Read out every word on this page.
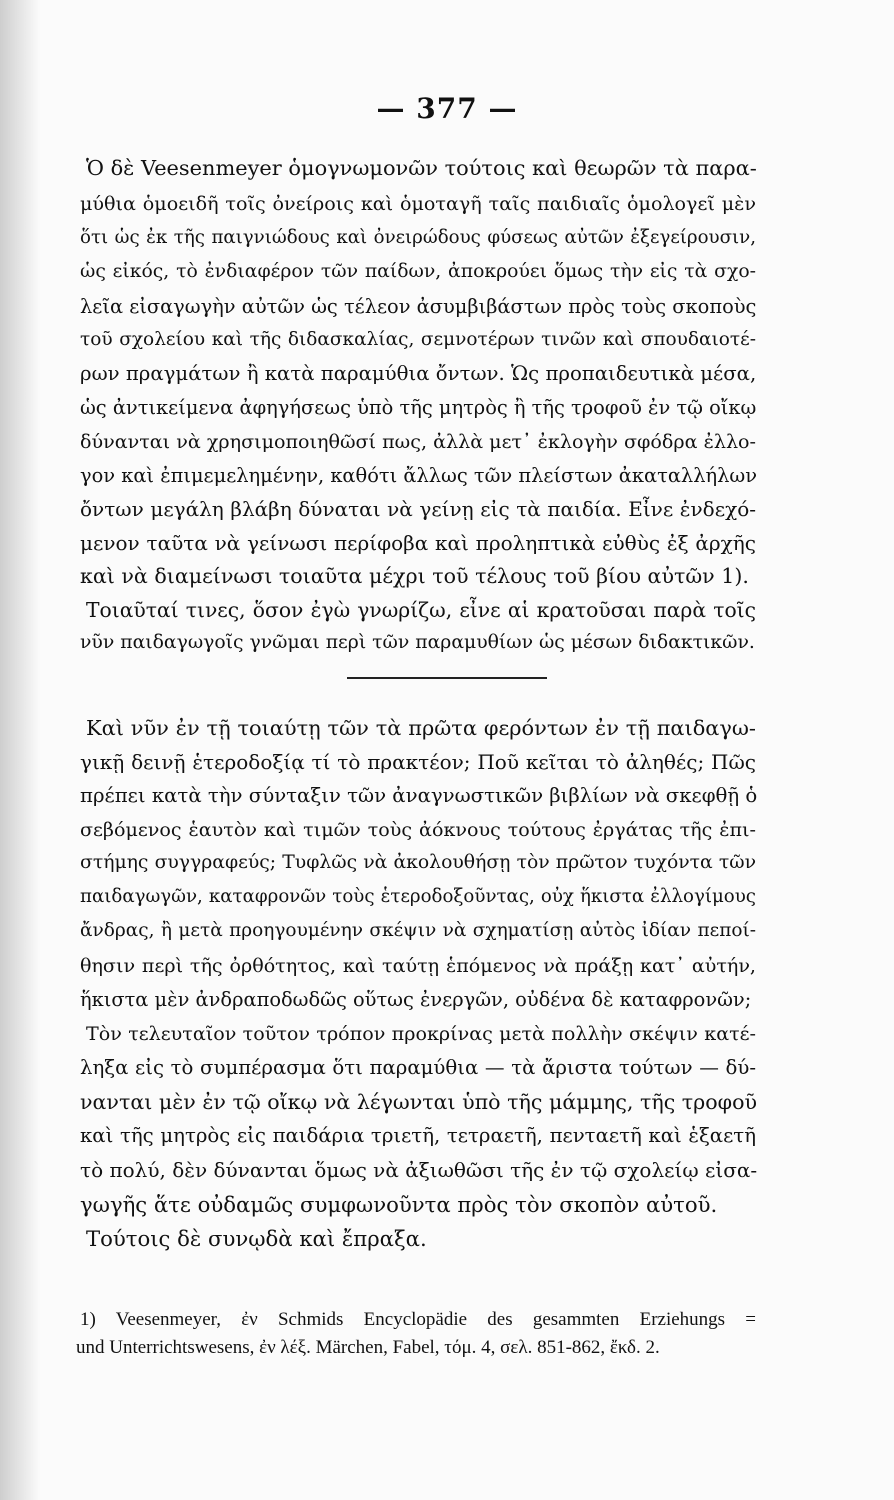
— 377 —
Ὁ δὲ Veesenmeyer ὁμογνωμονῶν τούτοις καὶ θεωρῶν τὰ παρα-
μύθια ὁμοειδῆ τοῖς ὀνείροις καὶ ὁμοταγῆ ταῖς παιδιαῖς ὁμολογεῖ μὲν
ὅτι ὡς ἐκ τῆς παιγνιώδους καὶ ὀνειρώδους φύσεως αὐτῶν ἐξεγείρουσιν,
ὡς εἰκός, τὸ ἐνδιαφέρον τῶν παίδων, ἀποκρούει ὅμως τὴν εἰς τὰ σχο-
λεῖα εἰσαγωγὴν αὐτῶν ὡς τέλεον ἀσυμβιβάστων πρὸς τοὺς σκοποὺς
τοῦ σχολείου καὶ τῆς διδασκαλίας, σεμνοτέρων τινῶν καὶ σπουδαιοτέ-
ρων πραγμάτων ἢ κατὰ παραμύθια ὄντων. Ὡς προπαιδευτικὰ μέσα,
ὡς ἀντικείμενα ἀφηγήσεως ὑπὸ τῆς μητρὸς ἢ τῆς τροφοῦ ἐν τῷ οἴκῳ
δύνανται νὰ χρησιμοποιηθῶσί πως, ἀλλὰ μετ᾽ ἐκλογὴν σφόδρα ἐλλο-
γον καὶ ἐπιμεμελημένην, καθότι ἄλλως τῶν πλείστων ἀκαταλλήλων
ὄντων μεγάλη βλάβη δύναται νὰ γείνῃ εἰς τὰ παιδία. Εἶνε ἐνδεχό-
μενον ταῦτα νὰ γείνωσι περίφοβα καὶ προληπτικὰ εὐθὺς ἐξ ἀρχῆς
καὶ νὰ διαμείνωσι τοιαῦτα μέχρι τοῦ τέλους τοῦ βίου αὐτῶν 1).
Τοιαῦταί τινες, ὅσον ἐγὼ γνωρίζω, εἶνε αἱ κρατοῦσαι παρὰ τοῖς
νῦν παιδαγωγοῖς γνῶμαι περὶ τῶν παραμυθίων ὡς μέσων διδακτικῶν.
Καὶ νῦν ἐν τῇ τοιαύτῃ τῶν τὰ πρῶτα φερόντων ἐν τῇ παιδαγω-
γικῇ δεινῇ ἑτεροδοξίᾳ τί τὸ πρακτέον; Ποῦ κεῖται τὸ ἀληθές; Πῶς
πρέπει κατὰ τὴν σύνταξιν τῶν ἀναγνωστικῶν βιβλίων νὰ σκεφθῇ ὁ
σεβόμενος ἑαυτὸν καὶ τιμῶν τοὺς ἀόκνους τούτους ἐργάτας τῆς ἐπι-
στήμης συγγραφεύς; Τυφλῶς νὰ ἀκολουθήσῃ τὸν πρῶτον τυχόντα τῶν
παιδαγωγῶν, καταφρονῶν τοὺς ἑτεροδοξοῦντας, οὐχ ἥκιστα ἐλλογίμους
ἄνδρας, ἢ μετὰ προηγουμένην σκέψιν νὰ σχηματίσῃ αὐτὸς ἰδίαν πεποί-
θησιν περὶ τῆς ὀρθότητος, καὶ ταύτῃ ἑπόμενος νὰ πράξῃ κατ᾽ αὐτήν,
ἥκιστα μὲν ἀνδραποδωδῶς οὕτως ἐνεργῶν, οὐδένα δὲ καταφρονῶν;
Τὸν τελευταῖον τοῦτον τρόπον προκρίνας μετὰ πολλὴν σκέψιν κατέ-
ληξα εἰς τὸ συμπέρασμα ὅτι παραμύθια — τὰ ἄριστα τούτων — δύ-
νανται μὲν ἐν τῷ οἴκῳ νὰ λέγωνται ὑπὸ τῆς μάμμης, τῆς τροφοῦ
καὶ τῆς μητρὸς εἰς παιδάρια τριετῆ, τετραετῆ, πενταετῆ καὶ ἑξαετῆ
τὸ πολύ, δὲν δύνανται ὅμως νὰ ἀξιωθῶσι τῆς ἐν τῷ σχολείῳ εἰσα-
γωγῆς ἅτε οὐδαμῶς συμφωνοῦντα πρὸς τὸν σκοπὸν αὐτοῦ.
Τούτοις δὲ συνῳδὰ καὶ ἔπραξα.
1) Veesenmeyer, ἐν Schmids Encyclopädie des gesammten Erziehungs =
und Unterrichtswesens, ἐν λέξ. Märchen, Fabel, τόμ. 4, σελ. 851-862, ἔκδ. 2.
